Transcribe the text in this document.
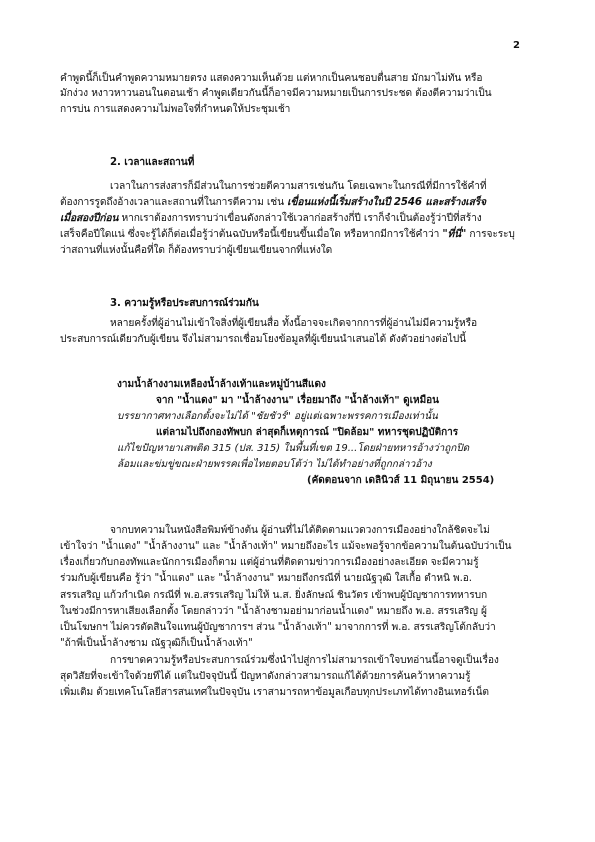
2
คำพูดนี้ก็เป็นคำพูดความหมายตรง แสดงความเห็นด้วย แต่หากเป็นคนชอบตื่นสาย มักมาไม่ทัน หรือ
มักง่วง หงาวหาวนอนในตอนเช้า คำพูดเดียวกันนี้ก็อาจมีความหมายเป็นการประชด ต้องตีความว่าเป็น
การบ่น การแสดงความไม่พอใจที่กำหนดให้ประชุมเช้า
2. เวลาและสถานที่
เวลาในการส่งสารก็มีส่วนในการช่วยตีความสารเช่นกัน โดยเฉพาะในกรณีที่มีการใช้คำที่
ต้องการรูดถึงอ้างเวลาและสถานที่ในการตีความ เช่น เขื่อนแห่งนี้เริ่มสร้างในปี 2546 และสร้างเสร็จ
เมื่อสองปีก่อน หากเราต้องการทราบว่าเขื่อนดังกล่าวใช้เวลาก่อสร้างกี่ปี เราก็จำเป็นต้องรู้ว่าปีที่สร้าง
เสร็จคือปีใดแน่ ซึ่งจะรู้ได้ก็ต่อเมื่อรู้ว่าต้นฉบับหรือนี้เขียนขึ้นเมื่อใด หรือหากมีการใช้คำว่า "ที่นี่" การจะระบุ
ว่าสถานที่แห่งนั้นคือที่ใด ก็ต้องทราบว่าผู้เขียนเขียนจากที่แห่งใด
3. ความรู้หรือประสบการณ์ร่วมกัน
หลายครั้งที่ผู้อ่านไม่เข้าใจสิ่งที่ผู้เขียนสื่อ ทั้งนี้อาจจะเกิดจากการที่ผู้อ่านไม่มีความรู้หรือ
ประสบการณ์เดียวกับผู้เขียน จึงไม่สามารถเชื่อมโยงข้อมูลที่ผู้เขียนนำเสนอได้ ดังตัวอย่างต่อไปนี้
งามน้ำล้างงามเหลืองน้ำล้างเท้าและหมู่บ้านสีแดง
จาก "น้ำแดง" มา "น้ำล้างงาน" เรื่อยมาถึง "น้ำล้างเท้า" ดูเหมือน
บรรยากาศทางเลือกตั้งจะไม่ได้ "ชัยชัวร์" อยู่แต่เฉพาะพรรคการเมืองเท่านั้น
แต่ลามไปถึงกองทัพบก ล่าสุดก็เหตุการณ์ "ปิดล้อม" ทหารชุดปฏิบัติการ
แก้ไขปัญหายาเสพติด 315 (ปส. 315) ในพื้นที่เขต 19...โดยฝ่ายทหารอ้างว่าถูกปิด
ล้อมและข่มขู่ขณะฝ่ายพรรคเพื่อไทยตอบโต้ว่า ไม่ได้ทำอย่างที่ถูกกล่าวอ้าง
(คัดตอนจาก เดลินิวส์ 11 มิถุนายน 2554)
จากบทความในหนังสือพิมพ์ข้างต้น ผู้อ่านที่ไม่ได้ติดตามแวดวงการเมืองอย่างใกล้ชิดจะไม่
เข้าใจว่า "น้ำแดง" "น้ำล้างงาน" และ "น้ำล้างเท้า" หมายถึงอะไร แม้จะพอรู้จากข้อความในต้นฉบับว่าเป็น
เรื่องเกี่ยวกับกองทัพและนักการเมืองก็ตาม แต่ผู้อ่านที่ติดตามข่าวการเมืองอย่างละเอียด จะมีความรู้
ร่วมกับผู้เขียนคือ รู้ว่า "น้ำแดง" และ "น้ำล้างงาน" หมายถึงกรณีที่ นายณัฐวุฒิ ใสเกื้อ ตำหนิ พ.อ.
สรรเสริญ แก้วกำเนิด กรณีที่ พ.อ.สรรเสริญ ไม่ให้ น.ส. ยิ่งลักษณ์ ชินวัตร เข้าพบผู้บัญชาการทหารบก
ในช่วงมีการหาเสียงเลือกตั้ง โดยกล่าวว่า "น้ำล้างชามอย่ามาก่อนน้ำแดง" หมายถึง พ.อ. สรรเสริญ ผู้
เป็นโฆษกฯ ไม่ควรตัดสินใจแทนผู้บัญชาการฯ ส่วน "น้ำล้างเท้า" มาจากการที่ พ.อ. สรรเสริญโต้กลับว่า
"ถ้าพี่เป็นน้ำล้างชาม ณัฐวุฒิก็เป็นน้ำล้างเท้า"
การขาดความรู้หรือประสบการณ์ร่วมซึ่งนำไปสู่การไม่สามารถเข้าใจบทอ่านนี้อาจดูเป็นเรื่อง
สุดวิสัยที่จะเข้าใจด้วยทีได้ แต่ในปัจจุบันนี้ ปัญหาดังกล่าวสามารถแก้ได้ด้วยการค้นคว้าหาความรู้
เพิ่มเติม ด้วยเทคโนโลยีสารสนเทศในปัจจุบัน เราสามารถหาข้อมูลเกือบทุกประเภทได้ทางอินเทอร์เน็ต
